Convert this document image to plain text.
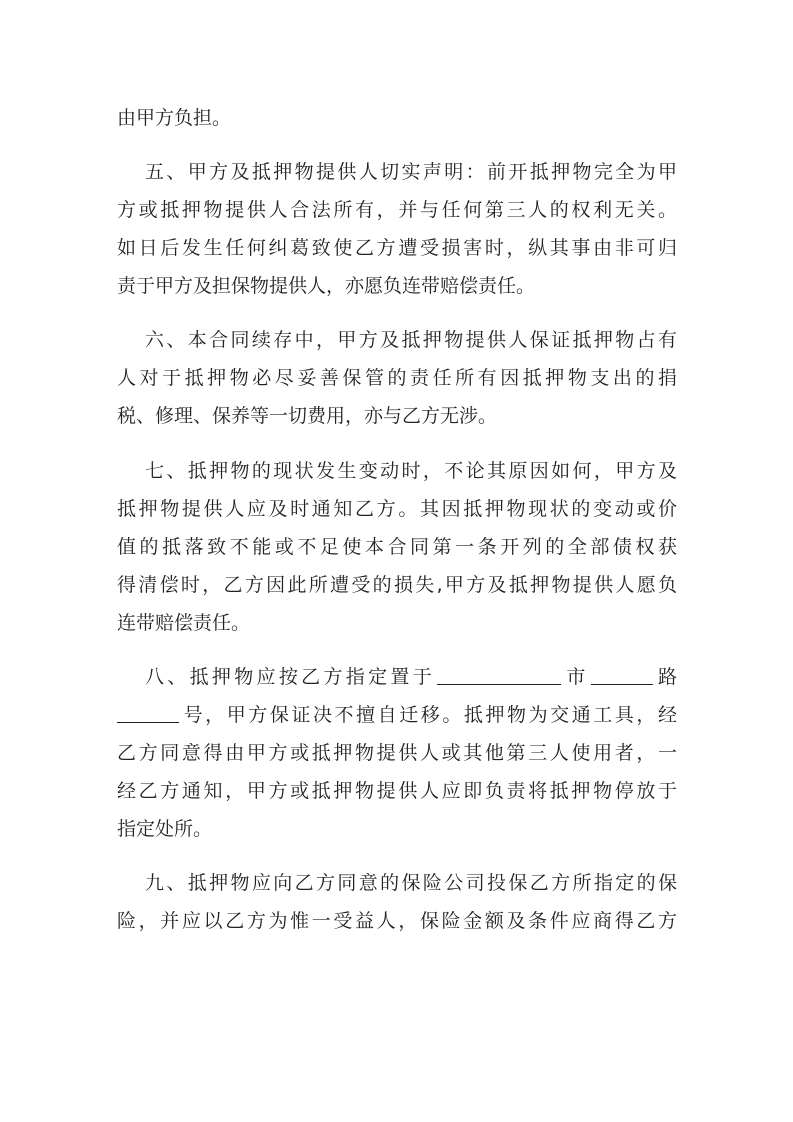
由甲方负担。
五、甲方及抵押物提供人切实声明：前开抵押物完全为甲
方或抵押物提供人合法所有，并与任何第三人的权利无关。
如日后发生任何纠葛致使乙方遭受损害时，纵其事由非可归
责于甲方及担保物提供人，亦愿负连带赔偿责任。
六、本合同续存中，甲方及抵押物提供人保证抵押物占有
人对于抵押物必尽妥善保管的责任所有因抵押物支出的捐
税、修理、保养等一切费用，亦与乙方无涉。
七、抵押物的现状发生变动时，不论其原因如何，甲方及
抵押物提供人应及时通知乙方。其因抵押物现状的变动或价
值的抵落致不能或不足使本合同第一条开列的全部债权获
得清偿时，乙方因此所遭受的损失,甲方及抵押物提供人愿负
连带赔偿责任。
八、抵押物应按乙方指定置于	市	路
号，甲方保证决不擅自迁移。抵押物为交通工具，经
乙方同意得由甲方或抵押物提供人或其他第三人使用者，一
经乙方通知，甲方或抵押物提供人应即负责将抵押物停放于
指定处所。
九、抵押物应向乙方同意的保险公司投保乙方所指定的保
险，并应以乙方为惟一受益人，保险金额及条件应商得乙方
